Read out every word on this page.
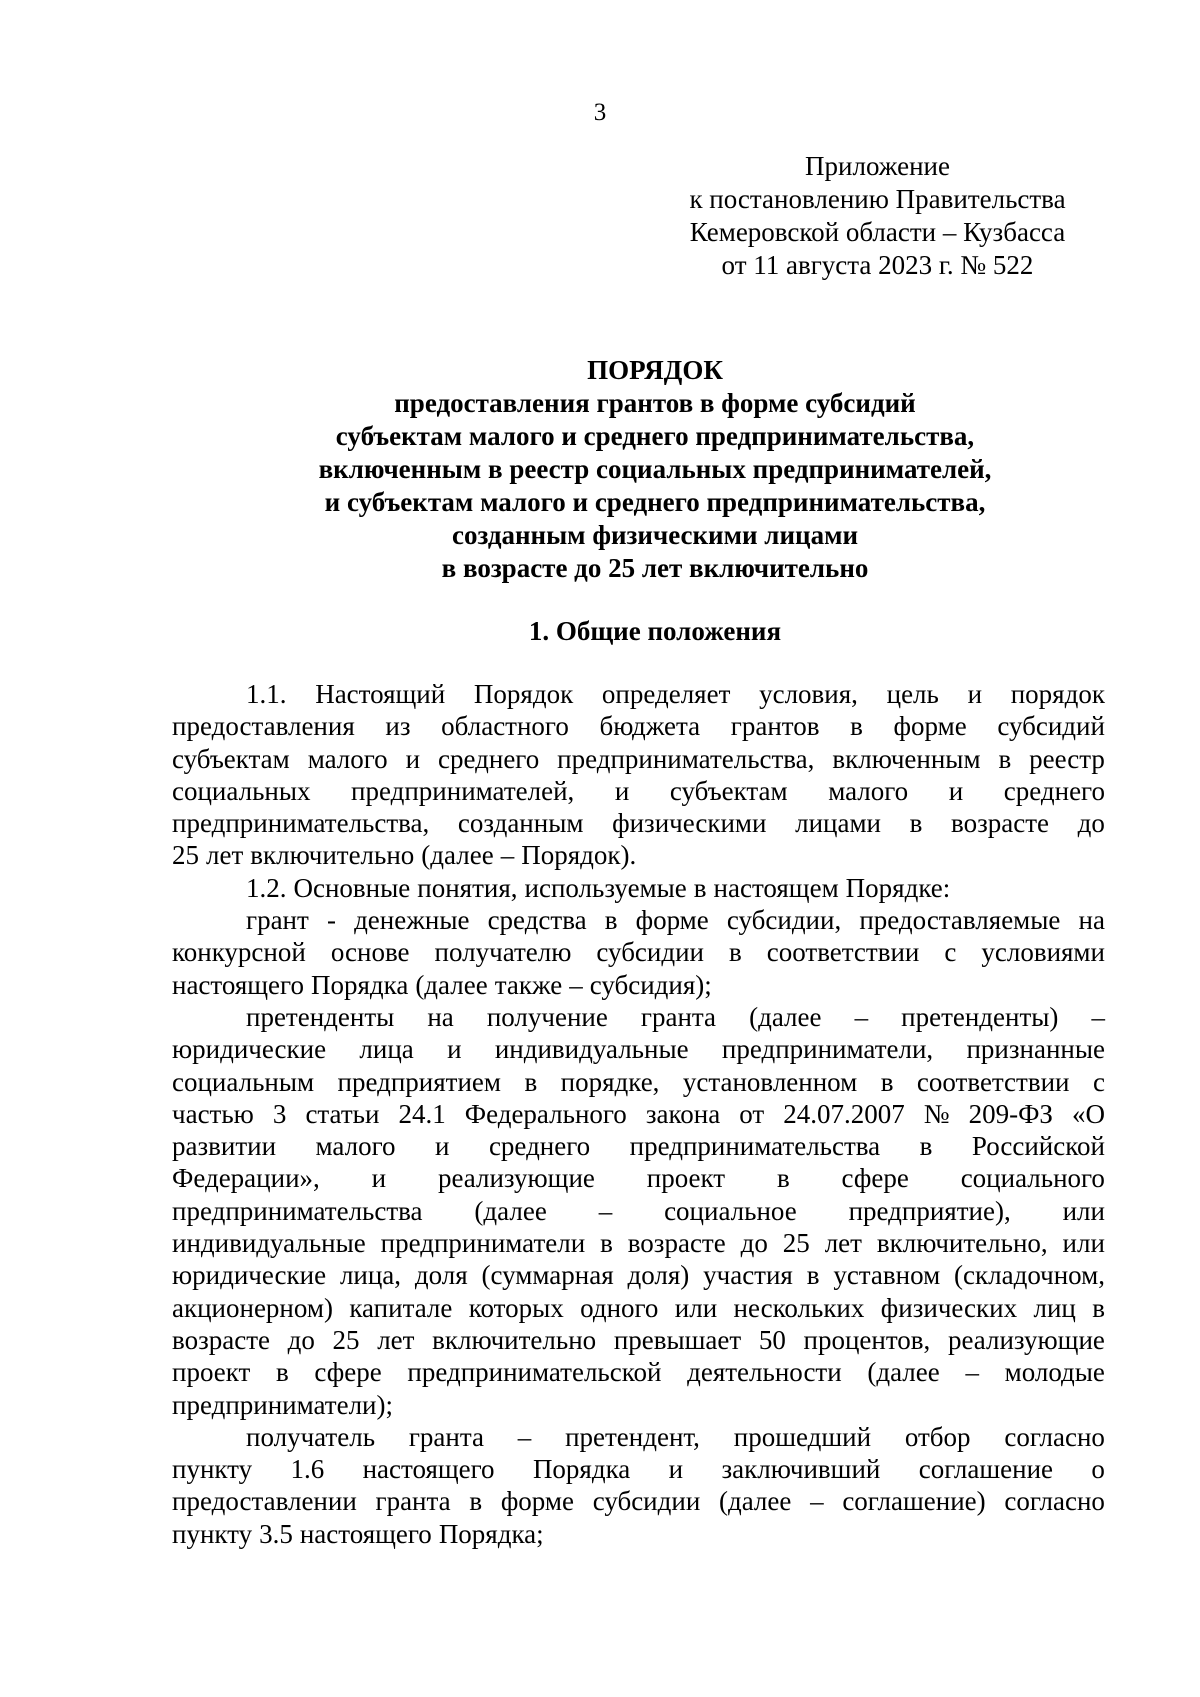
3
Приложение
к постановлению Правительства
Кемеровской области – Кузбасса
от 11 августа 2023 г. № 522
ПОРЯДОК
предоставления грантов в форме субсидий
субъектам малого и среднего предпринимательства,
включенным в реестр социальных предпринимателей,
и субъектам малого и среднего предпринимательства,
созданным физическими лицами
в возрасте до 25 лет включительно
1. Общие положения
1.1. Настоящий Порядок определяет условия, цель и порядок
предоставления из областного бюджета грантов в форме субсидий
субъектам малого и среднего предпринимательства, включенным в реестр
социальных предпринимателей, и субъектам малого и среднего
предпринимательства, созданным физическими лицами в возрасте до
25 лет включительно (далее – Порядок).
1.2. Основные понятия, используемые в настоящем Порядке:
грант - денежные средства в форме субсидии, предоставляемые на
конкурсной основе получателю субсидии в соответствии с условиями
настоящего Порядка (далее также – субсидия);
претенденты на получение гранта (далее – претенденты) –
юридические лица и индивидуальные предприниматели, признанные
социальным предприятием в порядке, установленном в соответствии с
частью 3 статьи 24.1 Федерального закона от 24.07.2007 № 209-ФЗ «О
развитии малого и среднего предпринимательства в Российской
Федерации», и реализующие проект в сфере социального
предпринимательства (далее – социальное предприятие), или
индивидуальные предприниматели в возрасте до 25 лет включительно, или
юридические лица, доля (суммарная доля) участия в уставном (складочном,
акционерном) капитале которых одного или нескольких физических лиц в
возрасте до 25 лет включительно превышает 50 процентов, реализующие
проект в сфере предпринимательской деятельности (далее – молодые
предприниматели);
получатель гранта – претендент, прошедший отбор согласно
пункту 1.6 настоящего Порядка и заключивший соглашение о
предоставлении гранта в форме субсидии (далее – соглашение) согласно
пункту 3.5 настоящего Порядка;
